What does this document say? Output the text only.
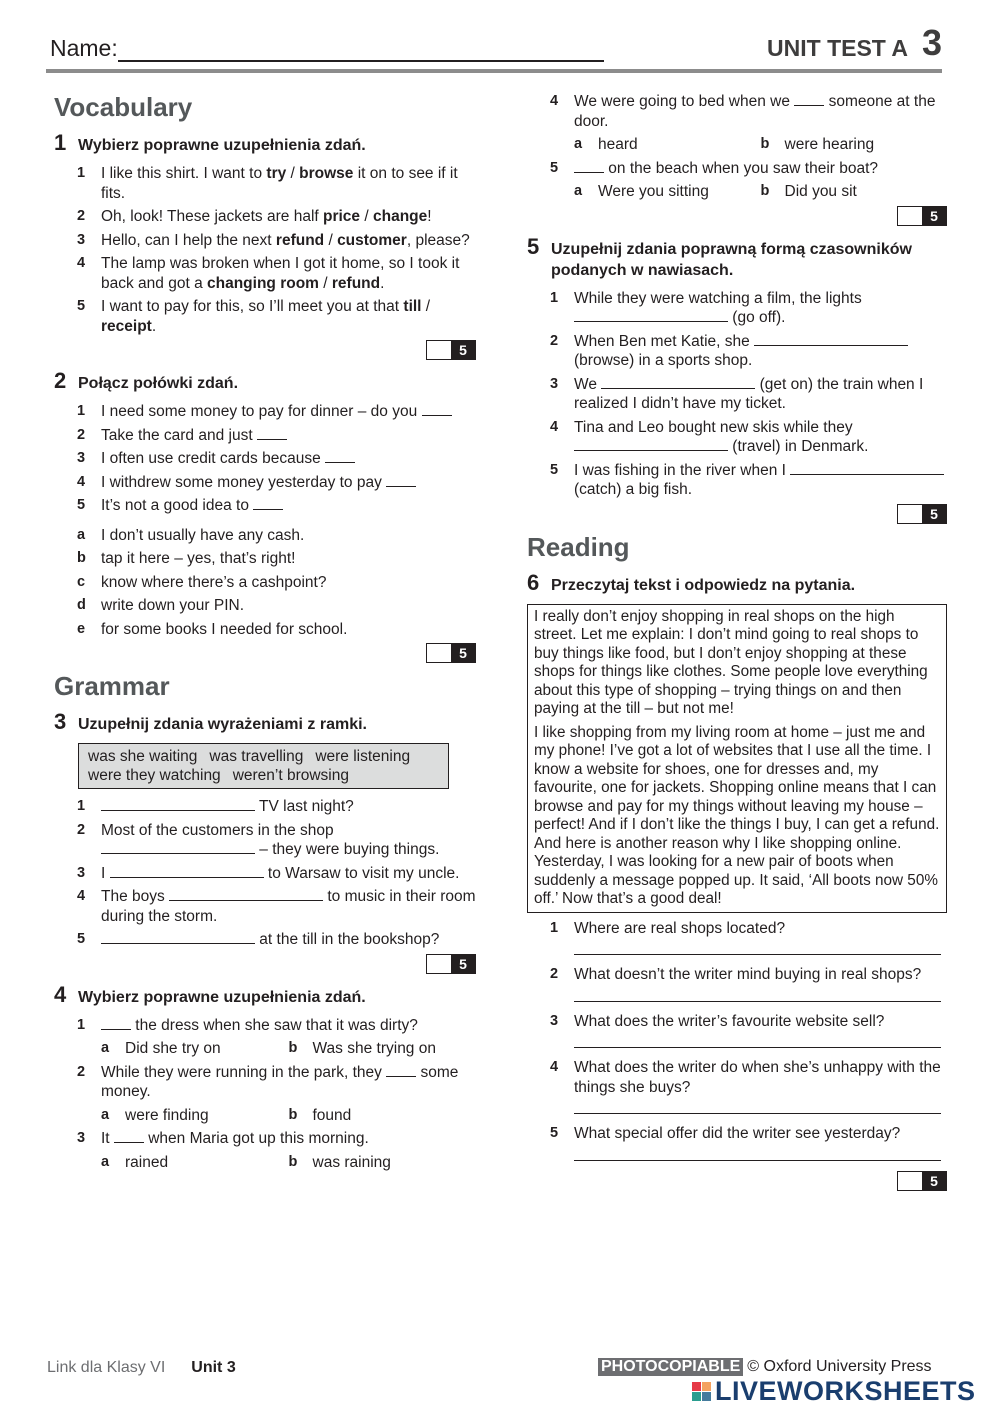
Name:	UNIT TEST A 3
Vocabulary
1 Wybierz poprawne uzupełnienia zdań.
1	I like this shirt. I want to try / browse it on to see if it fits.
2	Oh, look! These jackets are half price / change!
3	Hello, can I help the next refund / customer, please?
4	The lamp was broken when I got it home, so I took it back and got a changing room / refund.
5	I want to pay for this, so I’ll meet you at that till / receipt.
5
2 Połącz połówki zdań.
1	I need some money to pay for dinner – do you
2	Take the card and just
3	I often use credit cards because
4	I withdrew some money yesterday to pay
5	It’s not a good idea to
a	I don’t usually have any cash.
b tap it here – yes, that’s right!
c	know where there’s a cashpoint?
d write down your PIN.
e	for some books I needed for school.
5
Grammar
3 Uzupełnij zdania wyrażeniami z ramki.
was she waiting was travelling were listening
were they watching weren’t browsing
1	TV last night?
2	Most of the customers in the shop  – they were buying things.
3	I	to Warsaw to visit my uncle.
4	The boys	to music in their room during the storm.
5	at the till in the bookshop?
5
4 Wybierz poprawne uzupełnienia zdań.
1	the dress when she saw that it was dirty?
a	Did she try on	b Was she trying on
2	While they were running in the park, they  some money.
a	were finding	b found
3	It  when Maria got up this morning.
a	rained	b was raining
4	We were going to bed when we  someone at the door.
a	heard	b were hearing
5	on the beach when you saw their boat?
a	Were you sitting	b Did you sit
5
5 Uzupełnij zdania poprawną formą czasowników podanych w nawiasach.
1	While they were watching a film, the lights  (go off).
2	When Ben met Katie, she  (browse) in a sports shop.
3	We	(get on) the train when I realized I didn’t have my ticket.
4	Tina and Leo bought new skis while they  (travel) in Denmark.
5	I was fishing in the river when I  (catch) a big fish.
5
Reading
6 Przeczytaj tekst i odpowiedz na pytania.

I really don’t enjoy shopping in real shops on the high street. Let me explain: I don’t mind going to real shops to buy things like food, but I don’t enjoy shopping at these shops for things like clothes. Some people love everything about this type of shopping – trying things on and then paying at the till – but not me!

I like shopping from my living room at home – just me and my phone! I’ve got a lot of websites that I use all the time. I know a website for shoes, one for dresses and, my favourite, one for jackets. Shopping online means that I can browse and pay for my things without leaving my house – perfect! And if I don’t like the things I buy, I can get a refund. And here is another reason why I like shopping online. Yesterday, I was looking for a new pair of boots when suddenly a message popped up. It said, ‘All boots now 50% off.’ Now that’s a good deal!

1	Where are real shops located?
2	What doesn’t the writer mind buying in real shops?
3	What does the writer’s favourite website sell?
4	What does the writer do when she’s unhappy with the things she buys?
5	What special offer did the writer see yesterday?
5
Link dla Klasy VI Unit 3	PHOTOCOPIABLE © Oxford University Press
LIVEWORKSHEETS
